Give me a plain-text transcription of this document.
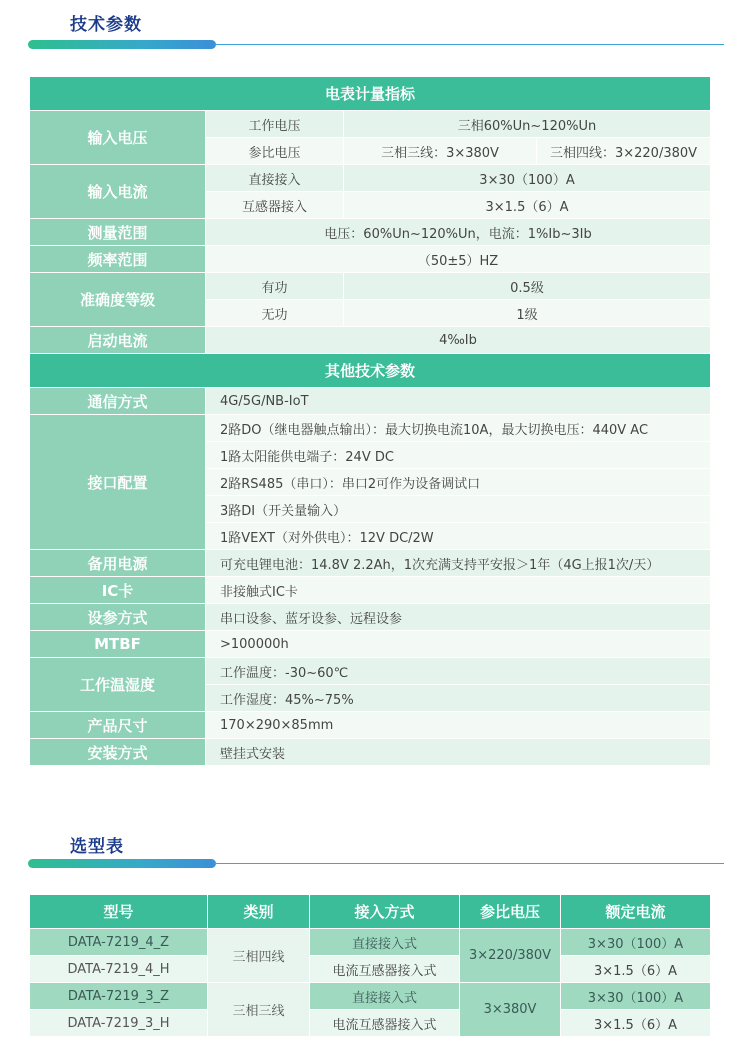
技术参数
电表计量指标			
输入电压	工作电压	三相60%Un~120%Un	
	参比电压	三相三线：3×380V	三相四线：3×220/380V
输入电流	直接接入	3×30（100）A	
	互感器接入	3×1.5（6）A	
测量范围	电压：60%Un~120%Un，电流：1%Ib~3Ib		
频率范围	（50±5）HZ		
准确度等级	有功	0.5级	
	无功	1级	
启动电流	4‰Ib		
其他技术参数			
通信方式	4G/5G/NB-IoT		
接口配置	2路DO（继电器触点输出）：最大切换电流10A，最大切换电压：440V AC		
	1路太阳能供电端子：24V DC		
	2路RS485（串口）：串口2可作为设备调试口		
	3路DI（开关量输入）		
	1路VEXT（对外供电）：12V DC/2W		
备用电源	可充电锂电池：14.8V 2.2Ah，1次充满支持平安报＞1年（4G上报1次/天）		
IC卡	非接触式IC卡		
设参方式	串口设参、蓝牙设参、远程设参		
MTBF	>100000h		
工作温湿度	工作温度：-30~60℃		
	工作湿度：45%~75%		
产品尺寸	170×290×85mm		
安装方式	壁挂式安装		
选型表
型号	类别	接入方式	参比电压	额定电流
DATA-7219_4_Z	三相四线	直接接入式	3×220/380V	3×30（100）A
DATA-7219_4_H		电流互感器接入式		3×1.5（6）A
DATA-7219_3_Z	三相三线	直接接入式	3×380V	3×30（100）A
DATA-7219_3_H		电流互感器接入式		3×1.5（6）A
